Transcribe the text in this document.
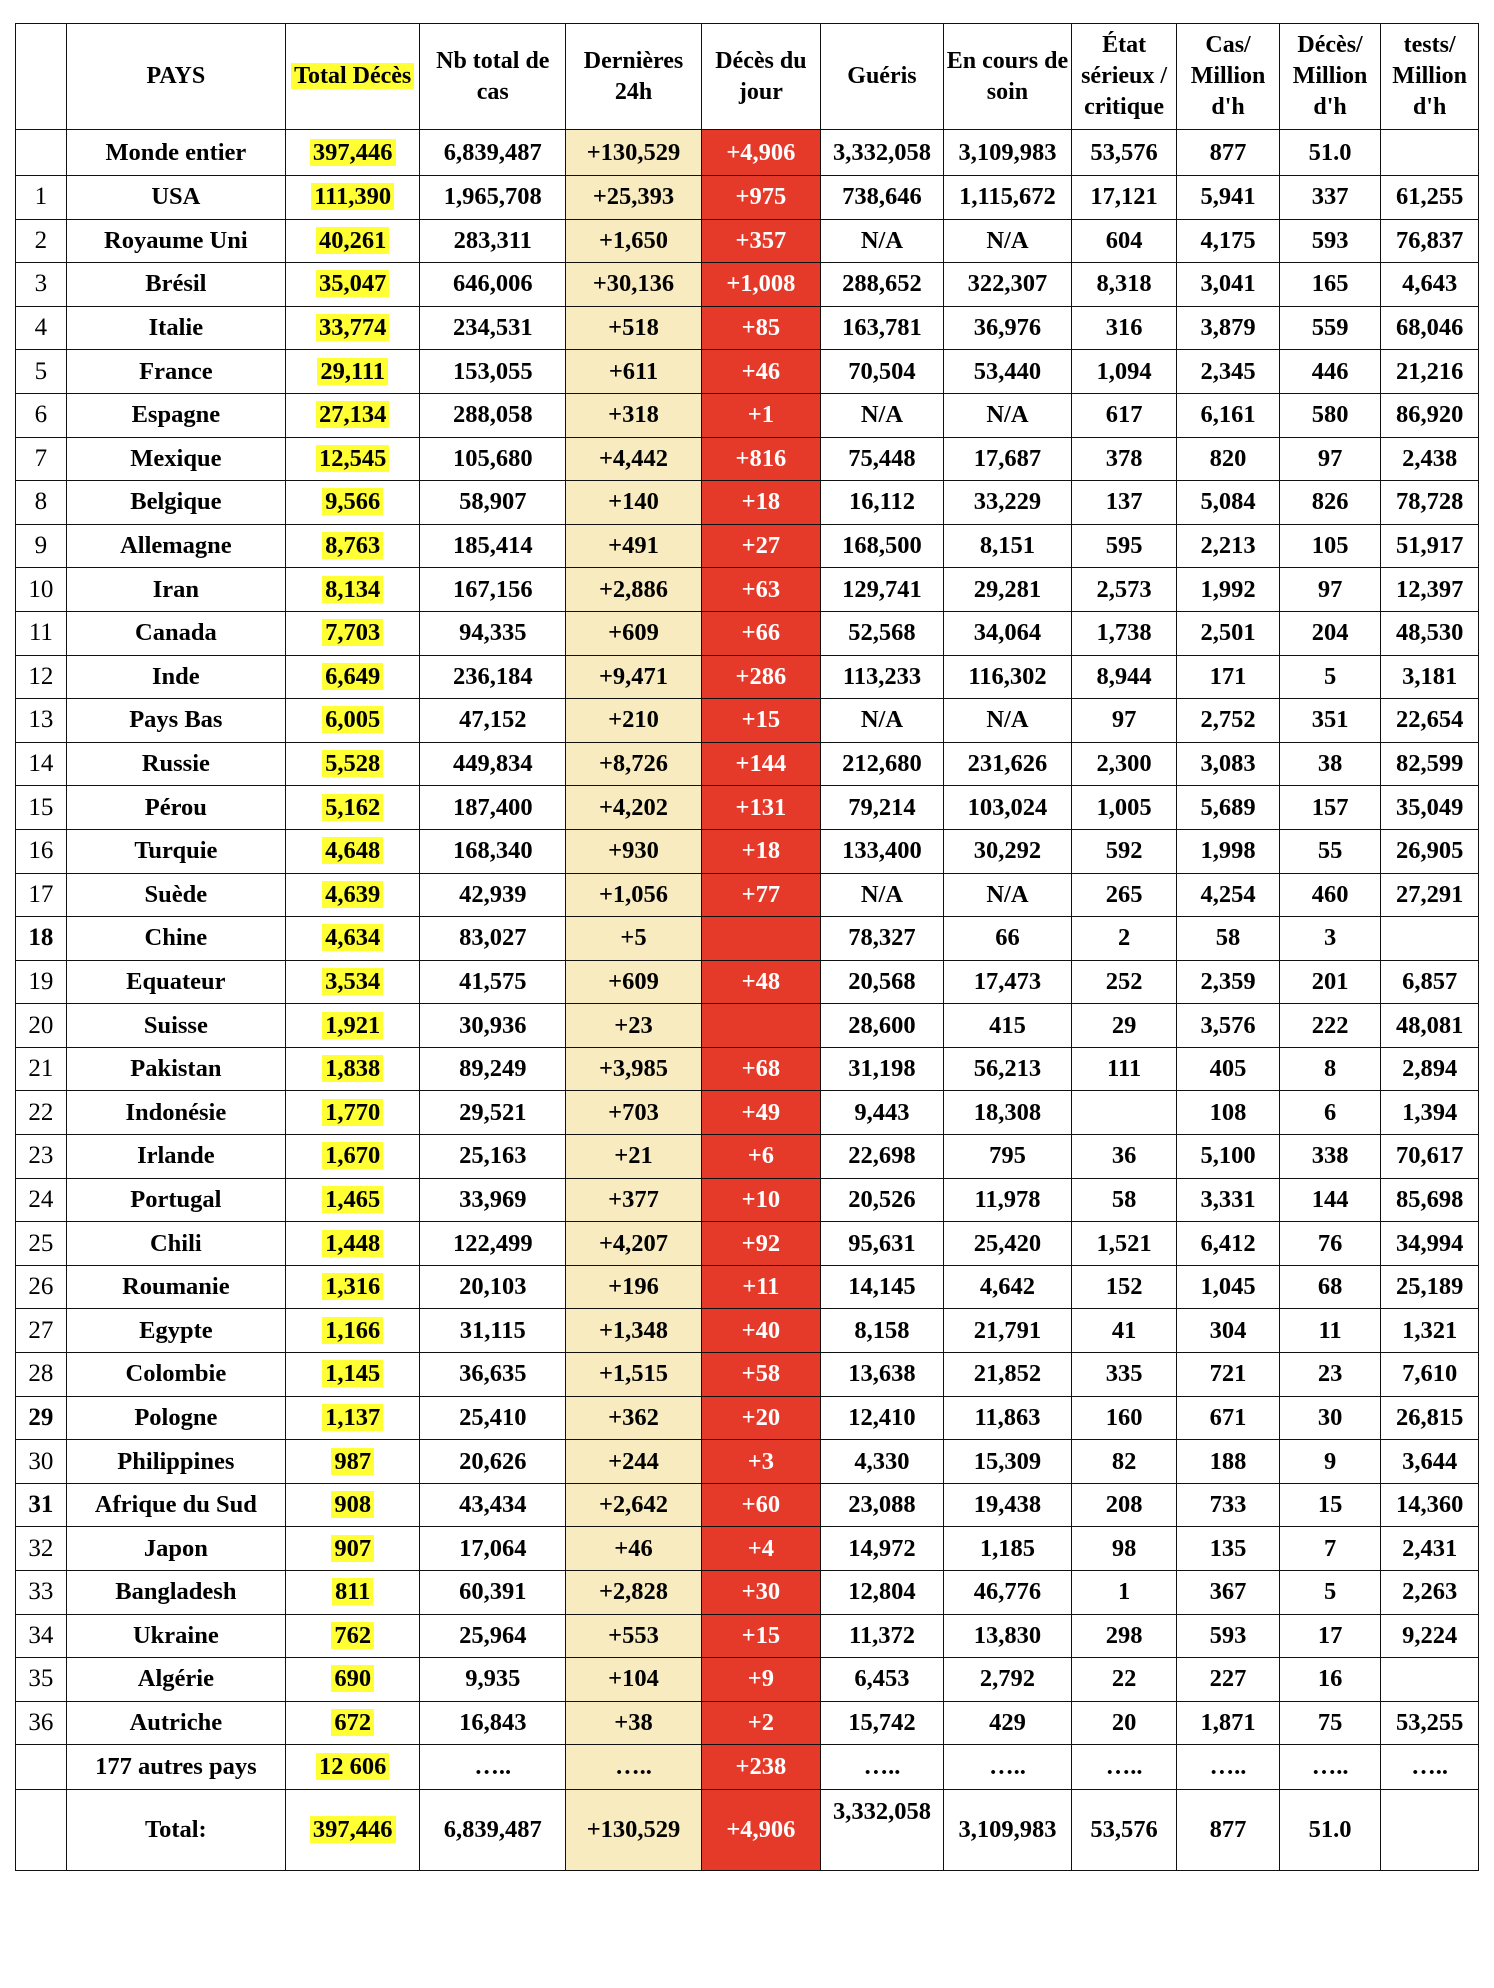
	PAYS	Total Décès	Nb total de cas	Dernières 24h	Décès du jour	Guéris	En cours de soin	État sérieux / critique	Cas/ Million d'h	Décès/ Million d'h	tests/ Million d'h
	Monde entier	397,446	6,839,487	+130,529	+4,906	3,332,058	3,109,983	53,576	877	51.0	
1	USA	111,390	1,965,708	+25,393	+975	738,646	1,115,672	17,121	5,941	337	61,255
2	Royaume Uni	40,261	283,311	+1,650	+357	N/A	N/A	604	4,175	593	76,837
3	Brésil	35,047	646,006	+30,136	+1,008	288,652	322,307	8,318	3,041	165	4,643
4	Italie	33,774	234,531	+518	+85	163,781	36,976	316	3,879	559	68,046
5	France	29,111	153,055	+611	+46	70,504	53,440	1,094	2,345	446	21,216
6	Espagne	27,134	288,058	+318	+1	N/A	N/A	617	6,161	580	86,920
7	Mexique	12,545	105,680	+4,442	+816	75,448	17,687	378	820	97	2,438
8	Belgique	9,566	58,907	+140	+18	16,112	33,229	137	5,084	826	78,728
9	Allemagne	8,763	185,414	+491	+27	168,500	8,151	595	2,213	105	51,917
10	Iran	8,134	167,156	+2,886	+63	129,741	29,281	2,573	1,992	97	12,397
11	Canada	7,703	94,335	+609	+66	52,568	34,064	1,738	2,501	204	48,530
12	Inde	6,649	236,184	+9,471	+286	113,233	116,302	8,944	171	5	3,181
13	Pays Bas	6,005	47,152	+210	+15	N/A	N/A	97	2,752	351	22,654
14	Russie	5,528	449,834	+8,726	+144	212,680	231,626	2,300	3,083	38	82,599
15	Pérou	5,162	187,400	+4,202	+131	79,214	103,024	1,005	5,689	157	35,049
16	Turquie	4,648	168,340	+930	+18	133,400	30,292	592	1,998	55	26,905
17	Suède	4,639	42,939	+1,056	+77	N/A	N/A	265	4,254	460	27,291
18	Chine	4,634	83,027	+5		78,327	66	2	58	3	
19	Equateur	3,534	41,575	+609	+48	20,568	17,473	252	2,359	201	6,857
20	Suisse	1,921	30,936	+23		28,600	415	29	3,576	222	48,081
21	Pakistan	1,838	89,249	+3,985	+68	31,198	56,213	111	405	8	2,894
22	Indonésie	1,770	29,521	+703	+49	9,443	18,308		108	6	1,394
23	Irlande	1,670	25,163	+21	+6	22,698	795	36	5,100	338	70,617
24	Portugal	1,465	33,969	+377	+10	20,526	11,978	58	3,331	144	85,698
25	Chili	1,448	122,499	+4,207	+92	95,631	25,420	1,521	6,412	76	34,994
26	Roumanie	1,316	20,103	+196	+11	14,145	4,642	152	1,045	68	25,189
27	Egypte	1,166	31,115	+1,348	+40	8,158	21,791	41	304	11	1,321
28	Colombie	1,145	36,635	+1,515	+58	13,638	21,852	335	721	23	7,610
29	Pologne	1,137	25,410	+362	+20	12,410	11,863	160	671	30	26,815
30	Philippines	987	20,626	+244	+3	4,330	15,309	82	188	9	3,644
31	Afrique du Sud	908	43,434	+2,642	+60	23,088	19,438	208	733	15	14,360
32	Japon	907	17,064	+46	+4	14,972	1,185	98	135	7	2,431
33	Bangladesh	811	60,391	+2,828	+30	12,804	46,776	1	367	5	2,263
34	Ukraine	762	25,964	+553	+15	11,372	13,830	298	593	17	9,224
35	Algérie	690	9,935	+104	+9	6,453	2,792	22	227	16	
36	Autriche	672	16,843	+38	+2	15,742	429	20	1,871	75	53,255
	177 autres pays	12 606	…..	…..	+238	…..	…..	…..	…..	…..	…..
	Total:	397,446	6,839,487	+130,529	+4,906	3,332,058	3,109,983	53,576	877	51.0	
